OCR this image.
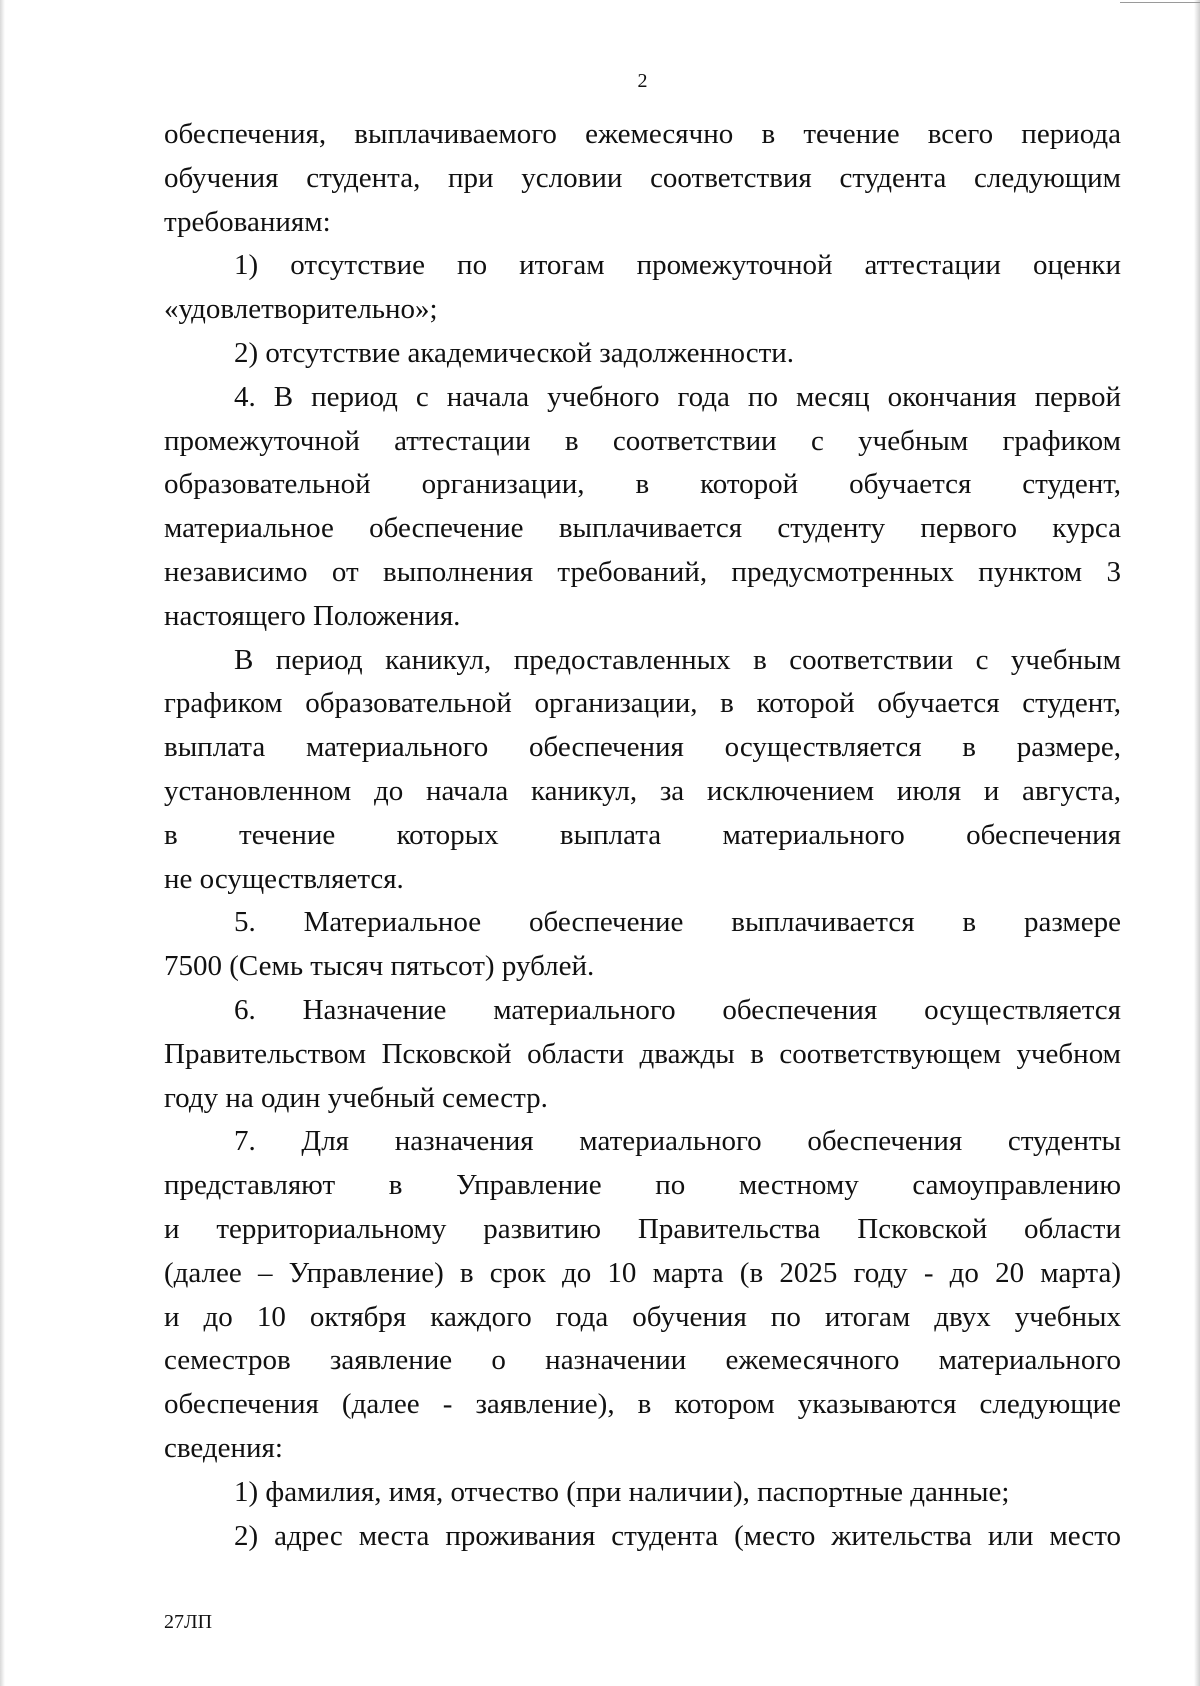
2
обеспечения, выплачиваемого ежемесячно в течение всего периода
обучения студента, при условии соответствия студента следующим
требованиям:
1) отсутствие по итогам промежуточной аттестации оценки
«удовлетворительно»;
2) отсутствие академической задолженности.
4. В период с начала учебного года по месяц окончания первой
промежуточной аттестации в соответствии с учебным графиком
образовательной организации, в которой обучается студент,
материальное обеспечение выплачивается студенту первого курса
независимо от выполнения требований, предусмотренных пунктом 3
настоящего Положения.
В период каникул, предоставленных в соответствии с учебным
графиком образовательной организации, в которой обучается студент,
выплата материального обеспечения осуществляется в размере,
установленном до начала каникул, за исключением июля и августа,
в течение которых выплата материального обеспечения
не осуществляется.
5. Материальное обеспечение выплачивается в размере
7500 (Семь тысяч пятьсот) рублей.
6. Назначение материального обеспечения осуществляется
Правительством Псковской области дважды в соответствующем учебном
году на один учебный семестр.
7. Для назначения материального обеспечения студенты
представляют в Управление по местному самоуправлению
и территориальному развитию Правительства Псковской области
(далее – Управление) в срок до 10 марта (в 2025 году - до 20 марта)
и до 10 октября каждого года обучения по итогам двух учебных
семестров заявление о назначении ежемесячного материального
обеспечения (далее - заявление), в котором указываются следующие
сведения:
1) фамилия, имя, отчество (при наличии), паспортные данные;
2) адрес места проживания студента (место жительства или место
27ЛП
